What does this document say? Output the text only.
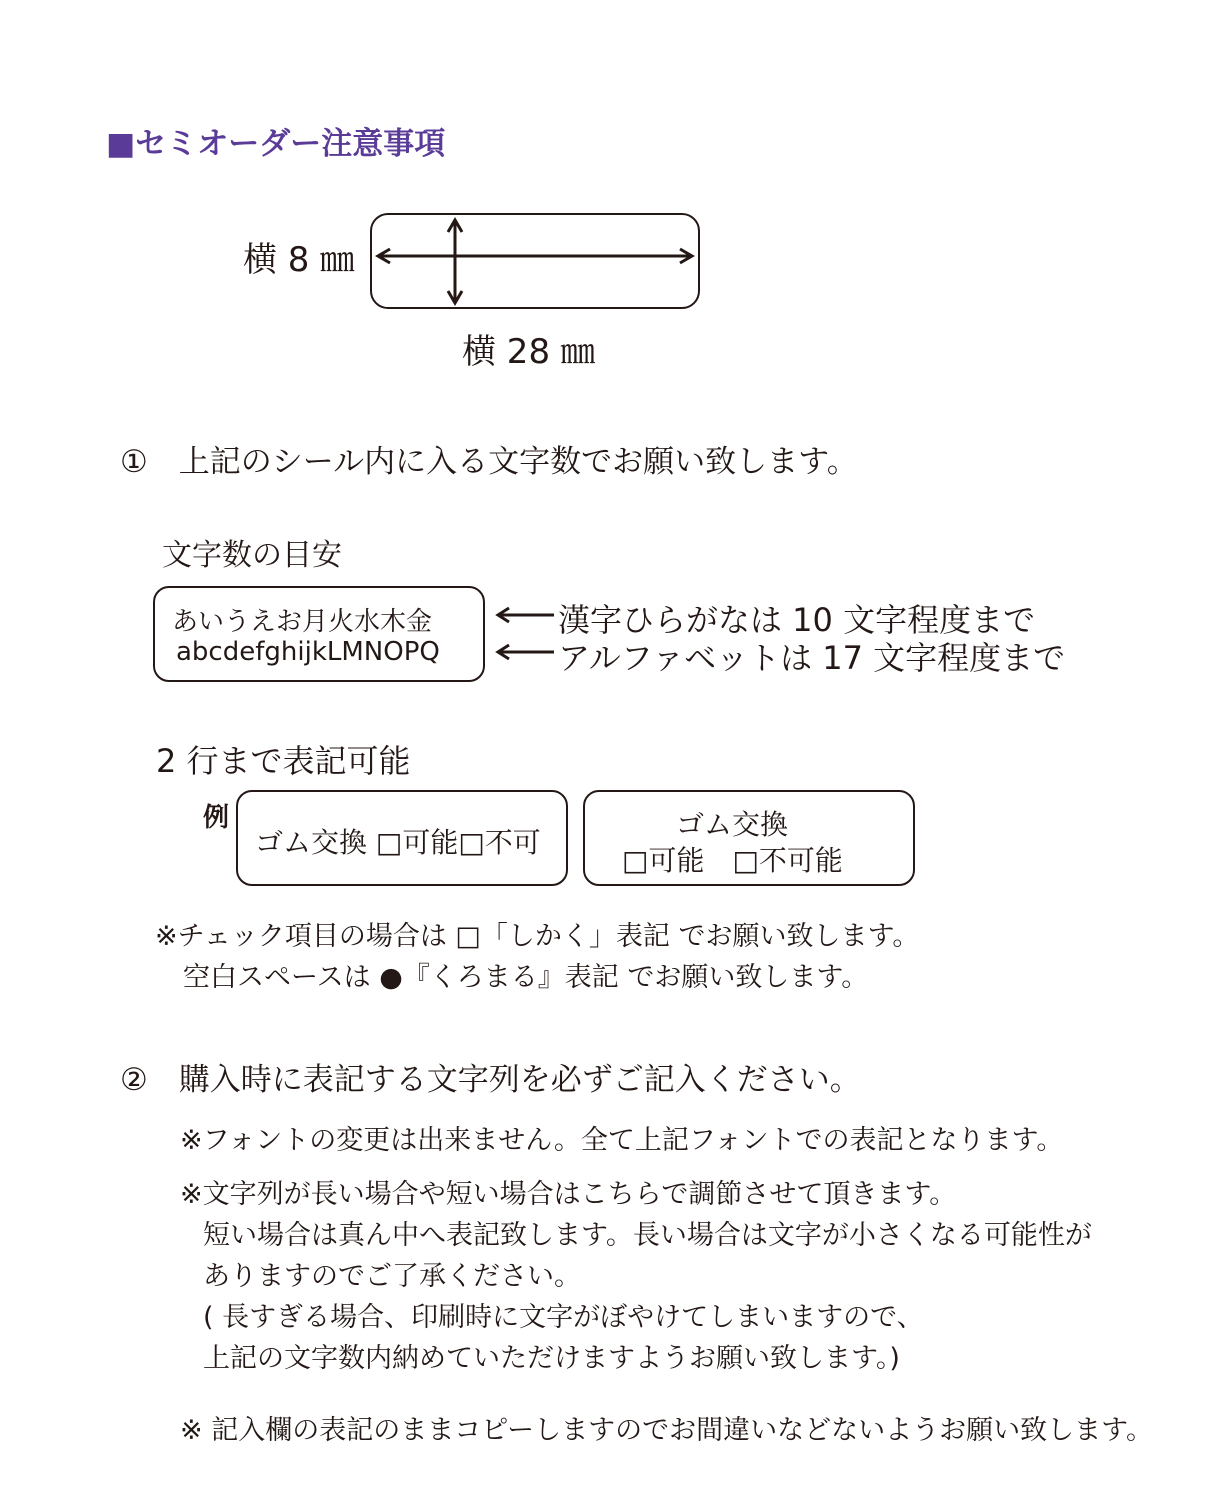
■セミオーダー注意事項
横 8 ㎜
横 28 ㎜
①　上記のシール内に入る文字数でお願い致します。
文字数の目安
あいうえお月火水木金
abcdefghijkLMNOPQ
漢字ひらがなは 10 文字程度まで
アルファベットは 17 文字程度まで
2 行まで表記可能
例
ゴム交換 □可能□不可
ゴム交換
□可能　□不可能
※チェック項目の場合は □「しかく」表記 でお願い致します。
空白スペースは ●『くろまる』表記 でお願い致します。
②　購入時に表記する文字列を必ずご記入ください。
※フォントの変更は出来ません。全て上記フォントでの表記となります。
※文字列が長い場合や短い場合はこちらで調節させて頂きます。
短い場合は真ん中へ表記致します。長い場合は文字が小さくなる可能性が
ありますのでご了承ください。
( 長すぎる場合、印刷時に文字がぼやけてしまいますので、
上記の文字数内納めていただけますようお願い致します。)
※ 記入欄の表記のままコピーしますのでお間違いなどないようお願い致します。
